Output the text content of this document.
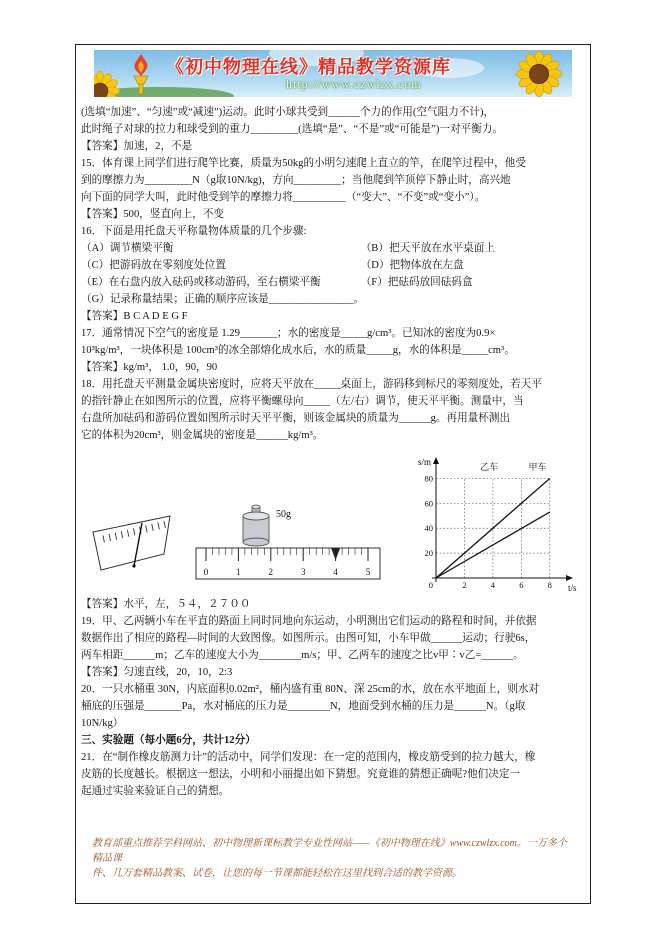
《初中物理在线》精品教学资源库
http://www.czwlzx.com
(选填“加速”、“匀速”或“减速”)运动。此时小球共受到______个力的作用(空气阻力不计)，
此时绳子对球的拉力和球受到的重力_________(选填“是”、“不是”或“可能是”)一对平衡力。
【答案】加速，2，不是
15．体育课上同学们进行爬竿比赛，质量为50kg的小明匀速爬上直立的竿，在爬竿过程中，他受
到的摩擦力为_________N（g取10N/kg)，方向_________；当他爬到竿顶停下静止时，高兴地
向下面的同学大叫，此时他受到竿的摩擦力将__________（“变大”、“不变”或“变小”）。
【答案】500，竖直向上，不变
16．下面是用托盘天平称量物体质量的几个步骤:
（A）调节横梁平衡	（B）把天平放在水平桌面上
（C）把游码放在零刻度处位置	（D）把物体放在左盘
（E）在右盘内放入砝码或移动游码，至右横梁平衡	（F）把砝码放回砝码盒
（G）记录称量结果；正确的顺序应该是________________。
【答案】B C A D E G F
17．通常情况下空气的密度是 1.29_______；水的密度是_____g/cm³。已知冰的密度为0.9×
10³kg/m³，一块体积是 100cm³的冰全部熔化成水后，水的质量_____g，水的体积是_____cm³。
【答案】kg/m³， 1.0，90，90
18．用托盘天平测量金属块密度时，应将天平放在_____桌面上，游码移到标尺的零刻度处，若天平
的指针静止在如图所示的位置，应将平衡螺母向_____（左/右）调节，使天平平衡。测量中，当
右盘所加砝码和游码位置如图所示时天平平衡，则该金属块的质量为______g。再用量杯测出
它的体积为20cm³，则金属块的密度是______kg/m³。
50g
0	1	2	3	4	5
2	4	6	8
20
40
60
80
0
s/m
t/s
乙车	甲车
【答案】水平，左，５４，２７００
19．甲、乙两辆小车在平直的路面上同时同地向东运动，小明测出它们运动的路程和时间，并依据
数据作出了相应的路程—时间的大致图像。如图所示。由图可知，小车甲做______运动；行驶6s，
两车相距______m；乙车的速度大小为________m/s；甲、乙两车的速度之比v甲∶v乙=______。
【答案】匀速直线，20，10，2:3
20．一只水桶重 30N，内底面积0.02m²，桶内盛有重 80N、深 25cm的水，放在水平地面上，则水对
桶底的压强是_______Pa，水对桶底的压力是________N，地面受到水桶的压力是______N。（g取
10N/kg）
三、实验题（每小题6分，共计12分）
21．在“制作橡皮筋测力计”的活动中，同学们发现：在一定的范围内，橡皮筋受到的拉力越大，橡
皮筋的长度越长。根据这一想法，小明和小丽提出如下猜想。究竟谁的猜想正确呢?他们决定一
起通过实验来验证自己的猜想。
教育部重点推荐学科网站、初中物理新课标教学专业性网站——《初中物理在线》www.czwlzx.com。一万多个精品课
件、几万套精品教案、试卷，让您的每一节课都能轻松在这里找到合适的教学资源。
